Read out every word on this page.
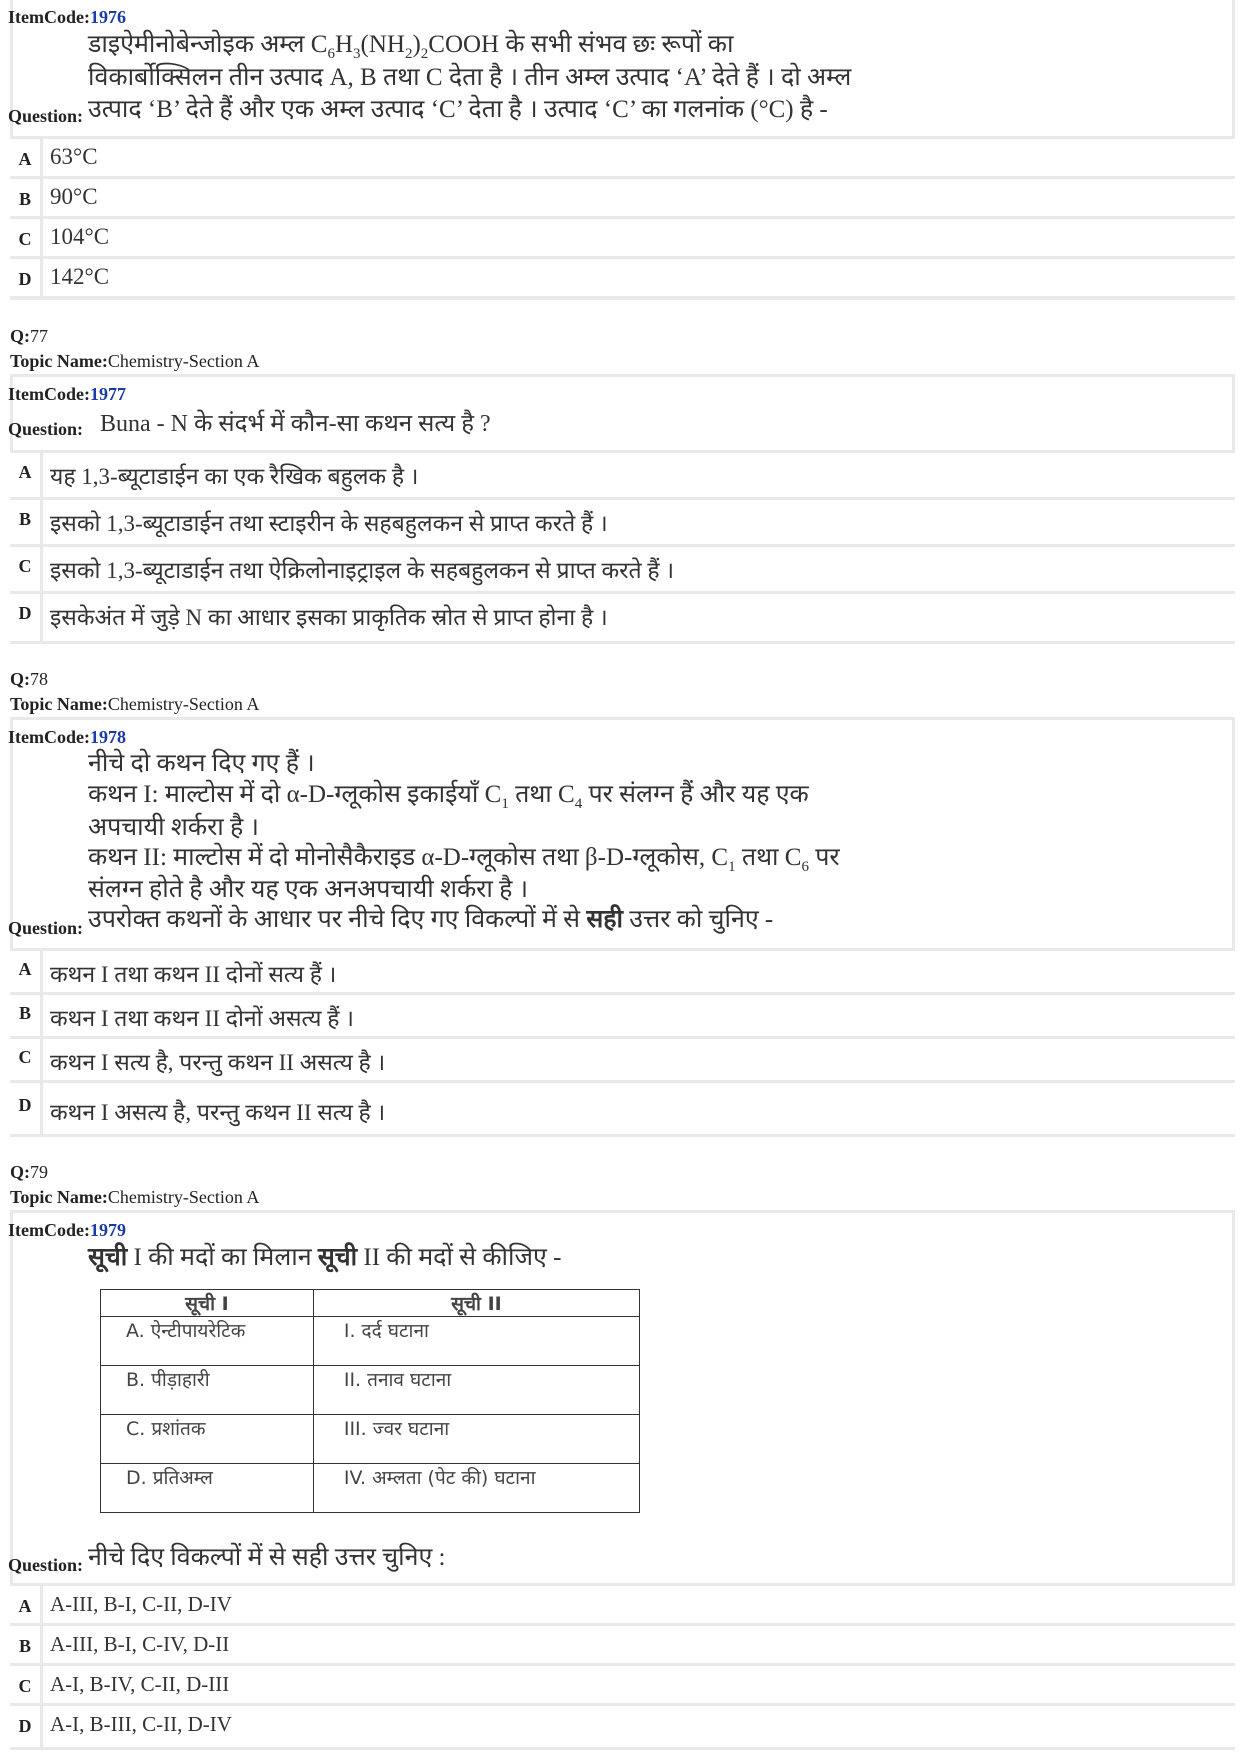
ItemCode:1976
डाइऐमीनोबेन्जोइक अम्ल $C_6H_3(NH_2)_2COOH$ के सभी संभव छः रूपों का
विकार्बोक्सिलन तीन उत्पाद A, B तथा C देता है । तीन अम्ल उत्पाद ‘A’ देते हैं । दो अम्ल
Question: उत्पाद ‘B’ देते हैं और एक अम्ल उत्पाद ‘C’ देता है । उत्पाद ‘C’ का गलनांक (°C) है -
A 63°C
B 90°C
C 104°C
D 142°C
Q:77
Topic Name:Chemistry-Section A
ItemCode:1977
Question: Buna - N के संदर्भ में कौन-सा कथन सत्य है ?
A यह 1,3-ब्यूटाडाईन का एक रैखिक बहुलक है ।
B इसको 1,3-ब्यूटाडाईन तथा स्टाइरीन के सहबहुलकन से प्राप्त करते हैं ।
C इसको 1,3-ब्यूटाडाईन तथा ऐक्रिलोनाइट्राइल के सहबहुलकन से प्राप्त करते हैं ।
D इसकेअंत में जुड़े N का आधार इसका प्राकृतिक स्रोत से प्राप्त होना है ।
Q:78
Topic Name:Chemistry-Section A
ItemCode:1978
नीचे दो कथन दिए गए हैं ।
कथन I: माल्टोस में दो α-D-ग्लूकोस इकाईयाँ $C_1$ तथा $C_4$ पर संलग्न हैं और यह एक
अपचायी शर्करा है ।
कथन II: माल्टोस में दो मोनोसैकैराइड α-D-ग्लूकोस तथा β-D-ग्लूकोस, $C_1$ तथा $C_6$ पर
संलग्न होते है और यह एक अनअपचायी शर्करा है ।
Question: उपरोक्त कथनों के आधार पर नीचे दिए गए विकल्पों में से सही उत्तर को चुनिए -
A कथन I तथा कथन II दोनों सत्य हैं ।
B कथन I तथा कथन II दोनों असत्य हैं ।
C कथन I सत्य है, परन्तु कथन II असत्य है ।
D कथन I असत्य है, परन्तु कथन II सत्य है ।
Q:79
Topic Name:Chemistry-Section A
ItemCode:1979
सूची I की मदों का मिलान सूची II की मदों से कीजिए -
सूची I	सूची II
A. ऐन्टीपायरेटिक	I. दर्द घटाना
B. पीड़ाहारी	II. तनाव घटाना
C. प्रशांतक	III. ज्वर घटाना
D. प्रतिअम्ल	IV. अम्लता (पेट की) घटाना
Question: नीचे दिए विकल्पों में से सही उत्तर चुनिए :
A A-III, B-I, C-II, D-IV
B A-III, B-I, C-IV, D-II
C A-I, B-IV, C-II, D-III
D A-I, B-III, C-II, D-IV
